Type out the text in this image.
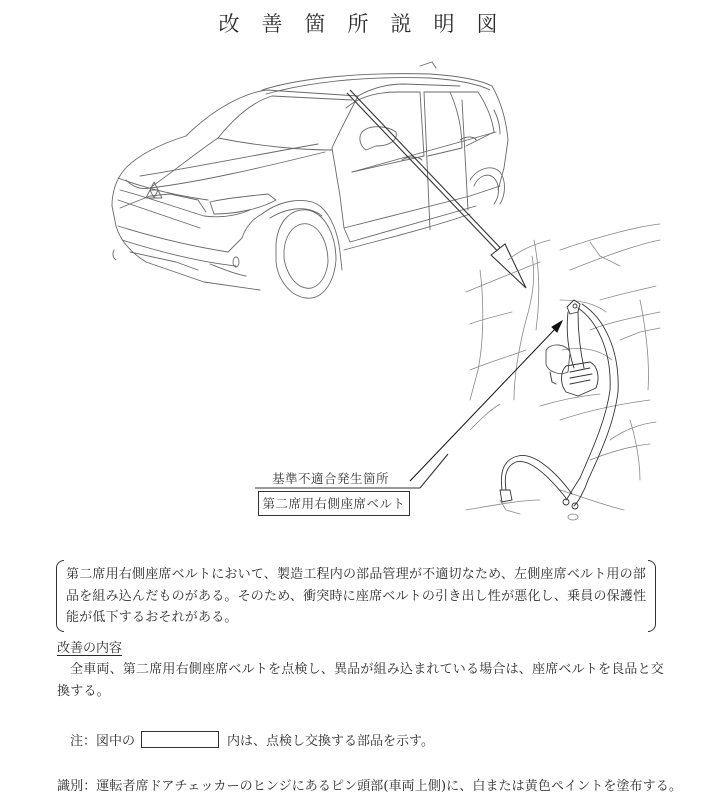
改善箇所説明図
基準不適合発生箇所
第二席用右側座席ベルト
第二席用右側座席ベルトにおいて、製造工程内の部品管理が不適切なため、左側座席ベルト用の部品を組み込んだものがある。そのため、衝突時に座席ベルトの引き出し性が悪化し、乗員の保護性能が低下するおそれがある。
改善の内容
全車両、第二席用右側座席ベルトを点検し、異品が組み込まれている場合は、座席ベルトを良品と交換する。
注：図中の	内は、点検し交換する部品を示す。
識別：運転者席ドアチェッカーのヒンジにあるピン頭部(車両上側)に、白または黄色ペイントを塗布する。
